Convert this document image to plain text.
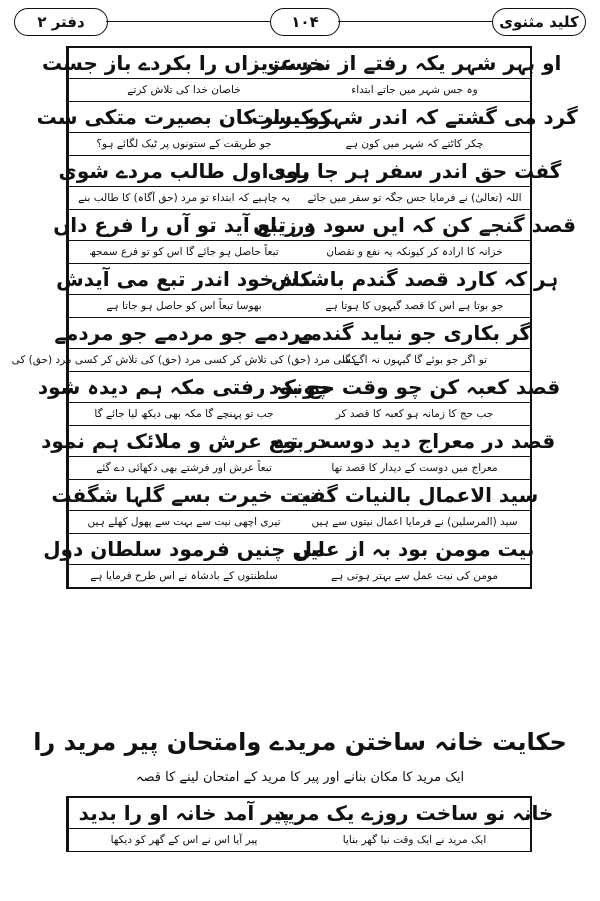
کلید مثنوی
۱۰۴
دفتر ۲
او بہر شہر یکہ رفتے از نخست
مر عزیزاں را بکردے باز جست
وہ جس شہر میں جاتے ابتداء
خاصان خدا کی تلاش کرتے
گرد می گشتے کہ اندر شہر کیست
کو برار کان بصیرت متکی ست
چکر کاٹتے کہ شہر میں کون ہے
جو طریقت کے ستونوں پر ٹیک لگائے ہو؟
گفت حق اندر سفر ہر جا روی
باید اول طالب مردے شوی
اللہ (تعالیٰ) نے فرمایا جس جگہ تو سفر میں جائے
یہ چاہیے کہ ابتداء تو مرد (حق آگاہ) کا طالب بنے
قصد گنجے کن کہ ایں سود و زیاں
در تبع آید تو آں را فرع داں
خزانہ کا ارادہ کر کیونکہ یہ نفع و نقصان
تبعاً حاصل ہو جائے گا اس کو تو فرع سمجھ
ہر کہ کارد قصد گندم باشدش
کاہ خود اندر تبع می آیدش
جو بوتا ہے اس کا قصد گیہوں کا ہوتا ہے
بھوسا تبعاً اس کو حاصل ہو جاتا ہے
گر بکاری جو نیاید گندمے
مردمے جو مردمے جو مردمے
تو اگر جو بوئے گا گیہوں نہ اگے گا
کسی مرد (حق) کی تلاش کر کسی مرد (حق) کی تلاش کر کسی مرد (حق) کی
قصد کعبہ کن چو وقت حج بود
چونکہ رفتی مکہ ہم دیدہ شود
جب حج کا زمانہ ہو کعبہ کا قصد کر
جب تو پہنچے گا مکہ بھی دیکھ لیا جائے گا
قصد در معراج دید دوست بود
در تبع عرش و ملائک ہم نمود
معراج میں دوست کے دیدار کا قصد تھا
تبعاً عرش اور فرشتے بھی دکھائی دے گئے
سید الاعمال بالنیات گفت
نیت خیرت بسے گلہا شگفت
سید (المرسلین) نے فرمایا اعمال نیتوں سے ہیں
تیری اچھی نیت سے بہت سے پھول کھلے ہیں
نیت مومن بود بہ از عمل
ایں چنیں فرمود سلطان دول
مومن کی نیت عمل سے بہتر ہوتی ہے
سلطنتوں کے بادشاہ نے اس طرح فرمایا ہے
حکایت خانہ ساختن مریدے وامتحان پیر مرید را
ایک مرید کا مکان بنانے اور پیر کا مرید کے امتحان لینے کا قصہ
خانہ نو ساخت روزے یک مرید
پیر آمد خانہ او را بدید
ایک مرید نے ایک وقت نیا گھر بنایا
پیر آیا اس نے اس کے گھر کو دیکھا
